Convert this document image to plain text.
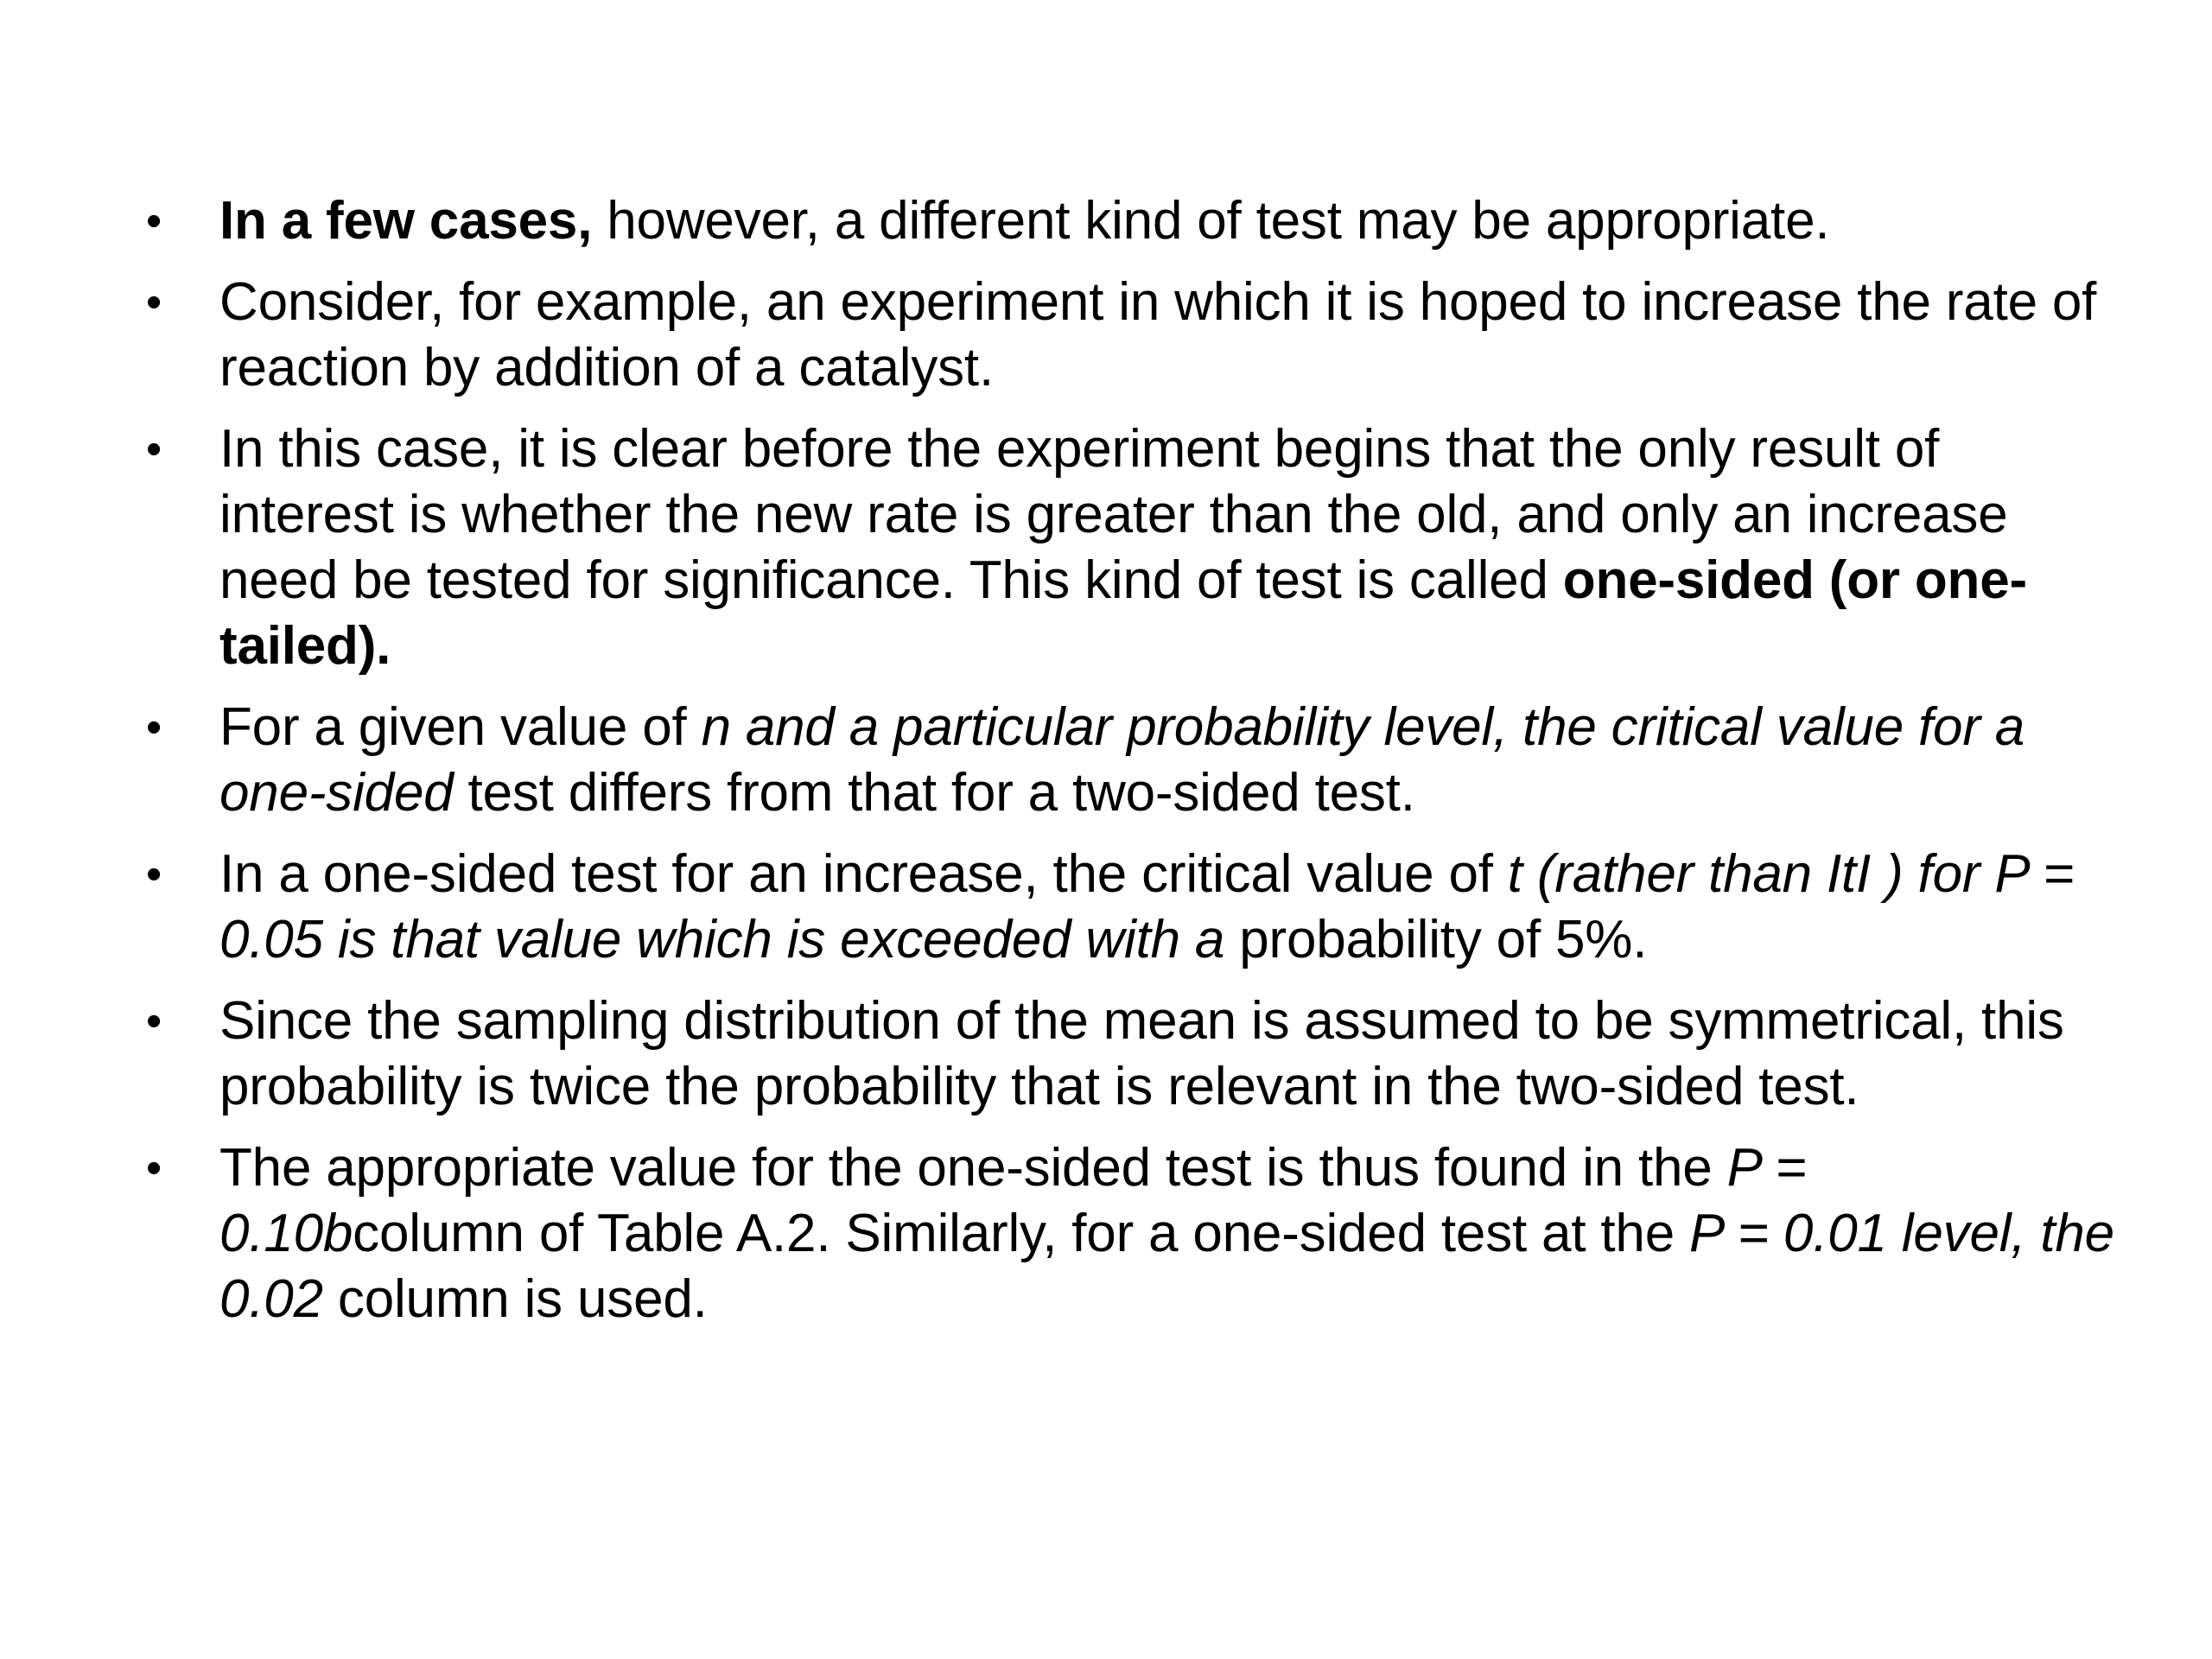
• In a few cases, however, a different kind of test may be appropriate.
• Consider, for example, an experiment in which it is hoped to increase the rate of reaction by addition of a catalyst.
• In this case, it is clear before the experiment begins that the only result of interest is whether the new rate is greater than the old, and only an increase need be tested for significance. This kind of test is called one-sided (or one-tailed).
• For a given value of n and a particular probability level, the critical value for a one-sided test differs from that for a two-sided test.
• In a one-sided test for an increase, the critical value of t (rather than ItI ) for P = 0.05 is that value which is exceeded with a probability of 5%.
• Since the sampling distribution of the mean is assumed to be symmetrical, this probability is twice the probability that is relevant in the two-sided test.
• The appropriate value for the one-sided test is thus found in the P = 0.10bcolumn of Table A.2. Similarly, for a one-sided test at the P = 0.01 level, the 0.02 column is used.
